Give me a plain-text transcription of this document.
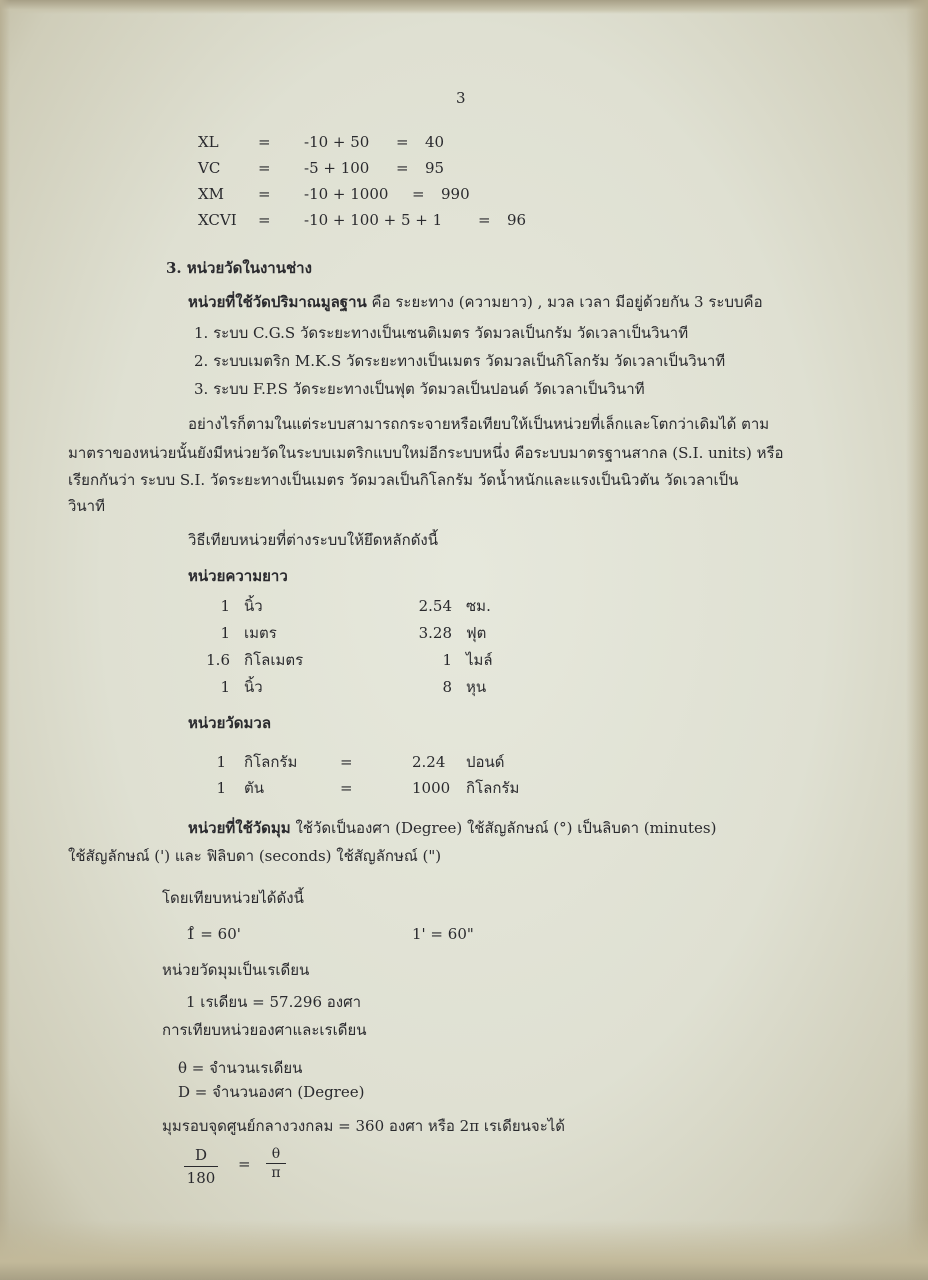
3
XL	= -10 + 50 = 40
VC	= -5 + 100 = 95
XM = -10 + 1000 = 990
XCVI = -10 + 100 + 5 + 1 = 96
3. หน่วยวัดในงานช่าง
หน่วยที่ใช้วัดปริมาณมูลฐาน คือ ระยะทาง (ความยาว) , มวล เวลา มีอยู่ด้วยกัน 3 ระบบคือ
1. ระบบ C.G.S วัดระยะทางเป็นเซนติเมตร วัดมวลเป็นกรัม วัดเวลาเป็นวินาที
2. ระบบเมตริก M.K.S วัดระยะทางเป็นเมตร วัดมวลเป็นกิโลกรัม วัดเวลาเป็นวินาที
3. ระบบ F.P.S วัดระยะทางเป็นฟุต วัดมวลเป็นปอนด์ วัดเวลาเป็นวินาที
อย่างไรก็ตามในแต่ระบบสามารถกระจายหรือเทียบให้เป็นหน่วยที่เล็กและโตกว่าเดิมได้ ตาม
มาตราของหน่วยนั้นยังมีหน่วยวัดในระบบเมตริกแบบใหม่อีกระบบหนึ่ง คือระบบมาตรฐานสากล (S.I. units) หรือ
เรียกกันว่า ระบบ S.I. วัดระยะทางเป็นเมตร วัดมวลเป็นกิโลกรัม วัดน้ำหนักและแรงเป็นนิวตัน วัดเวลาเป็น
วินาที
วิธีเทียบหน่วยที่ต่างระบบให้ยึดหลักดังนี้
หน่วยความยาว
1 นิ้ว	2.54 ซม.
1 เมตร	3.28 ฟุต
1.6 กิโลเมตร	1 ไมล์
1 นิ้ว	8 หุน
หน่วยวัดมวล
1 กิโลกรัม	=	2.24 ปอนด์
1 ตัน	=	1000 กิโลกรัม
หน่วยที่ใช้วัดมุม ใช้วัดเป็นองศา (Degree) ใช้สัญลักษณ์ (°) เป็นลิบดา (minutes)
ใช้สัญลักษณ์ (') และ ฟิลิบดา (seconds) ใช้สัญลักษณ์ (")
โดยเทียบหน่วยได้ดังนี้
1̊ = 60'	1' = 60"
หน่วยวัดมุมเป็นเรเดียน
1 เรเดียน = 57.296 องศา
การเทียบหน่วยองศาและเรเดียน
θ = จำนวนเรเดียน
D = จำนวนองศา (Degree)
มุมรอบจุดศูนย์กลางวงกลม = 360 องศา หรือ 2π เรเดียนจะได้
D
180
=
θ
π
